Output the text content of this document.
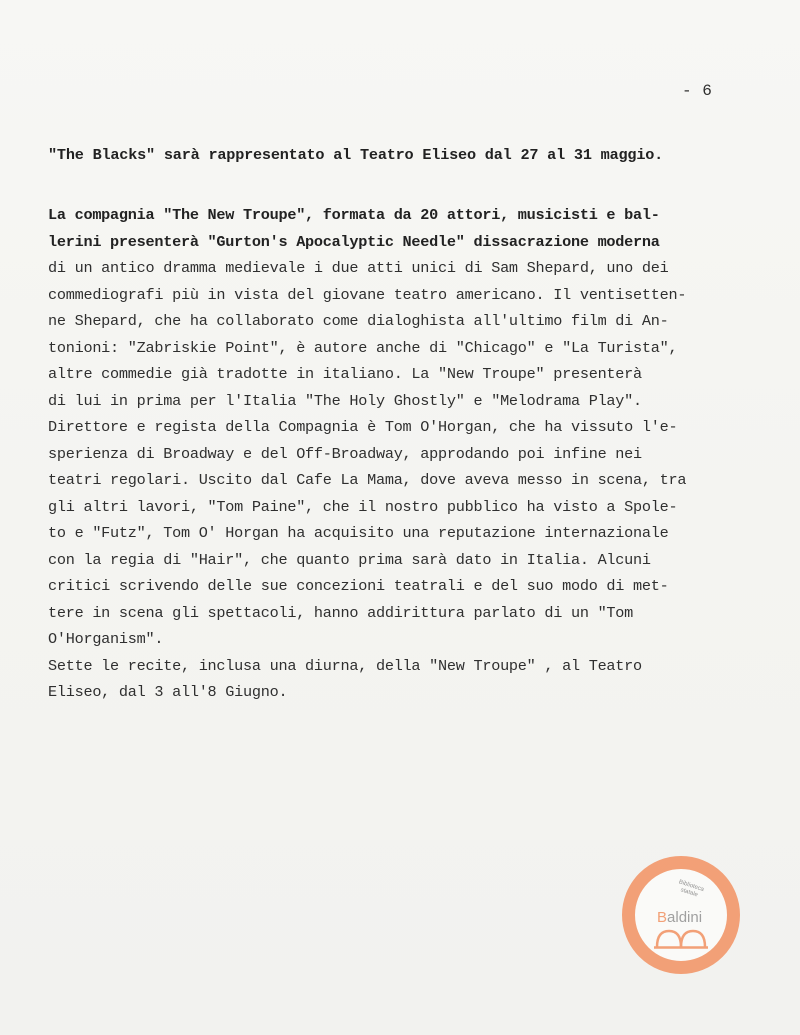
- 6
"The Blacks" sarà rappresentato al Teatro Eliseo dal 27 al 31 maggio.
La compagnia "The New Troupe", formata da 20 attori, musicisti e bal-
lerini presenterà "Gurton's Apocalyptic Needle" dissacrazione moderna
di un antico dramma medievale i due atti unici di Sam Shepard, uno dei
commediografi più in vista del giovane teatro americano. Il ventisetten-
ne Shepard, che ha collaborato come dialoghista all'ultimo film di An-
tonioni: "Zabriskie Point", è autore anche di "Chicago" e "La Turista",
altre commedie già tradotte in italiano. La "New Troupe" presenterà
di lui in prima per l'Italia "The Holy Ghostly" e "Melodrama Play".
Direttore e regista della Compagnia è Tom O'Horgan, che ha vissuto l'e-
sperienza di Broadway e del Off-Broadway, approdando poi infine nei
teatri regolari. Uscito dal Cafe La Mama, dove aveva messo in scena, tra
gli altri lavori, "Tom Paine", che il nostro pubblico ha visto a Spole-
to e "Futz", Tom O' Horgan ha acquisito una reputazione internazionale
con la regia di "Hair", che quanto prima sarà dato in Italia. Alcuni
critici scrivendo delle sue concezioni teatrali e del suo modo di met-
tere in scena gli spettacoli, hanno addirittura parlato di un "Tom
O'Horganism".
Sette le recite, inclusa una diurna, della "New Troupe" , al Teatro
Eliseo, dal 3 all'8 Giugno.
Biblioteca statale
Baldini
